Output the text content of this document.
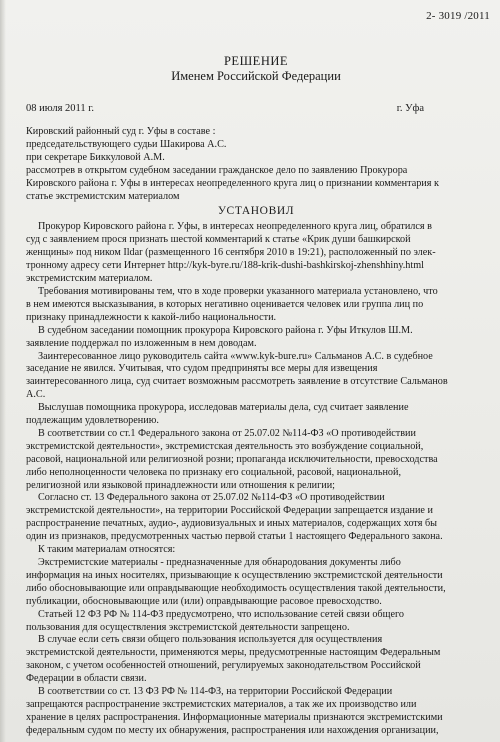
2- 3019 /2011
РЕШЕНИЕ
Именем Российской Федерации
08 июля 2011 г.	г. Уфа
Кировский районный суд г. Уфы в составе :
председательствующего судьи Шакирова А.С.
при секретаре Биккуловой А.М.
рассмотрев в открытом судебном заседании гражданское дело по заявлению Прокурора
Кировского района г. Уфы в интересах неопределенного круга лиц о признании комментария к
статье экстремистским материалом
УСТАНОВИЛ
Прокурор Кировского района г. Уфы, в интересах неопределенного круга лиц, обратился в
суд с заявлением прося признать шестой комментарий к статье «Крик души башкирской
женщины» под ником Ildar (размещенного 16 сентября 2010 в 19:21), расположенный по элек-
тронному адресу сети Интернет http://kyk-byre.ru/188-krik-dushi-bashkirskoj-zhenshhiny.html
экстремистским материалом.
Требования мотивированы тем, что в ходе проверки указанного материала установлено, что
в нем имеются высказывания, в которых негативно оценивается человек или группа лиц по
признаку принадлежности к какой-либо национальности.
В судебном заседании помощник прокурора Кировского района г. Уфы Иткулов Ш.М.
заявление поддержал по изложенным в нем доводам.
Заинтересованное лицо руководитель сайта «www.kyk-bure.ru» Сальманов А.С. в судебное
заседание не явился. Учитывая, что судом предприняты все меры для извещения
заинтересованного лица, суд считает возможным рассмотреть заявление в отсутствие Сальманов
А.С.
Выслушав помощника прокурора, исследовав материалы дела, суд считает заявление
подлежащим удовлетворению.
В соответствии со ст.1 Федерального закона от 25.07.02 №114-ФЗ «О противодействии
экстремистской деятельности», экстремистская деятельность это возбуждение социальной,
расовой, национальной или религиозной розни; пропаганда исключительности, превосходства
либо неполноценности человека по признаку его социальной, расовой, национальной,
религиозной или языковой принадлежности или отношения к религии;
Согласно ст. 13 Федерального закона от 25.07.02 №114-ФЗ «О противодействии
экстремистской деятельности», на территории Российской Федерации запрещается издание и
распространение печатных, аудио-, аудиовизуальных и иных материалов, содержащих хотя бы
один из признаков, предусмотренных частью первой статьи 1 настоящего Федерального закона.
К таким материалам относятся:
Экстремистские материалы - предназначенные для обнародования документы либо
информация на иных носителях, призывающие к осуществлению экстремистской деятельности
либо обосновывающие или оправдывающие необходимость осуществления такой деятельности,
публикации, обосновывающие или (или) оправдывающие расовое превосходство.
Статьей 12 ФЗ РФ № 114-ФЗ предусмотрено, что использование сетей связи общего
пользования для осуществления экстремистской деятельности запрещено.
В случае если сеть связи общего пользования используется для осуществления
экстремистской деятельности, применяются меры, предусмотренные настоящим Федеральным
законом, с учетом особенностей отношений, регулируемых законодательством Российской
Федерации в области связи.
В соответствии со ст. 13 ФЗ РФ № 114-ФЗ, на территории Российской Федерации
запрещаются распространение экстремистских материалов, а так же их производство или
хранение в целях распространения. Информационные материалы признаются экстремистскими
федеральным судом по месту их обнаружения, распространения или нахождения организации,
